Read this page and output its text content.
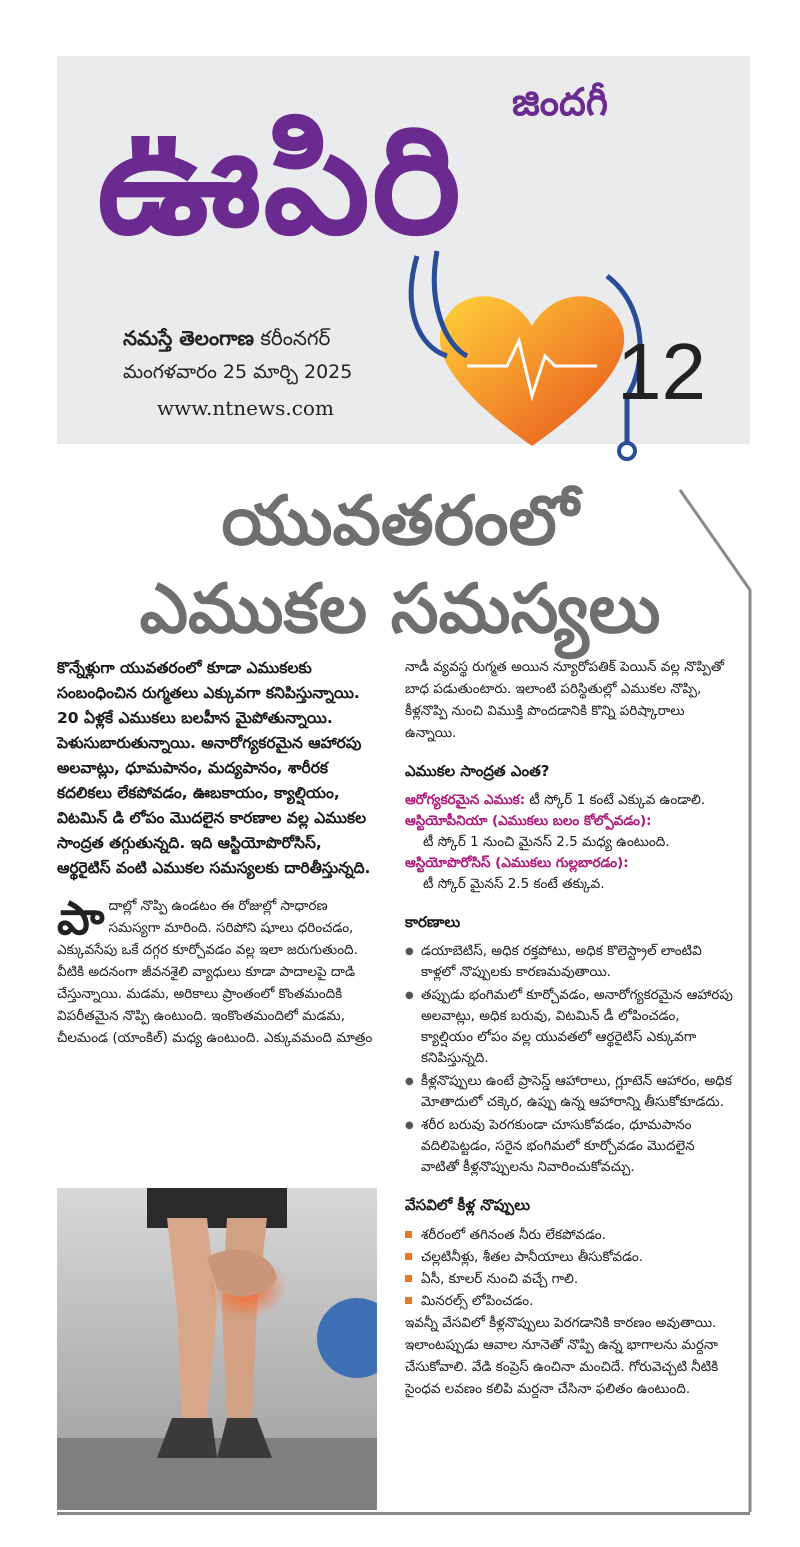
జిందగీ
ఊపిరి
నమస్తే తెలంగాణ కరీంనగర్
మంగళవారం 25 మార్చి 2025
www.ntnews.com	12
యువతరంలో
ఎముకల సమస్యలు

కొన్నేళ్లుగా యువతరంలో కూడా ఎముకలకు సంబంధించిన రుగ్మతలు ఎక్కువగా కనిపిస్తున్నాయి. 20 ఏళ్లకే ఎముకలు బలహీన మైపోతున్నాయి. పెళుసుబారుతున్నాయి. అనారోగ్యకరమైన ఆహారపు అలవాట్లు, ధూమపానం, మద్యపానం, శారీరక కదలికలు లేకపోవడం, ఊబకాయం, క్యాల్షియం, విటమిన్ డి లోపం మొదలైన కారణాల వల్ల ఎముకల సాంద్రత తగ్గుతున్నది. ఇది ఆస్టియోపొరోసిస్, ఆర్థరైటిస్ వంటి ఎముకల సమస్యలకు దారితీస్తున్నది.

పాదాల్లో నొప్పి ఉండటం ఈ రోజుల్లో సాధారణ సమస్యగా మారింది. సరిపోని షూలు ధరించడం, ఎక్కువసేపు ఒకే దగ్గర కూర్చోవడం వల్ల ఇలా జరుగుతుంది. వీటికి అదనంగా జీవనశైలి వ్యాధులు కూడా పాదాలపై దాడి చేస్తున్నాయి. మడమ, అరికాలు ప్రాంతంలో కొంతమందికి విపరీతమైన నొప్పి ఉంటుంది. ఇంకొంతమందిలో మడమ, చీలమండ (యాంకిల్) మధ్య ఉంటుంది. ఎక్కువమంది మాత్రం

నాడీ వ్యవస్థ రుగ్మత అయిన న్యూరోపతిక్ పెయిన్ వల్ల నొప్పితో బాధ పడుతుంటారు. ఇలాంటి పరిస్థితుల్లో ఎముకల నొప్పి, కీళ్లనొప్పి నుంచి విముక్తి పొందడానికి కొన్ని పరిష్కారాలు ఉన్నాయి.

ఎముకల సాంద్రత ఎంత?

ఆరోగ్యకరమైన ఎముక: టీ స్కోర్ 1 కంటే ఎక్కువ ఉండాలి.

ఆస్టియోపీనియా (ఎముకలు బలం కోల్పోవడం):

టీ స్కోర్ 1 నుంచి మైనస్ 2.5 మధ్య ఉంటుంది.

ఆస్టియోపొరోసిస్ (ఎముకలు గుల్లబారడం):

టీ స్కోర్ మైనస్ 2.5 కంటే తక్కువ.

కారణాలు
● డయాబెటిస్, అధిక రక్తపోటు, అధిక కొలెస్ట్రాల్ లాంటివి కాళ్లలో నొప్పులకు కారణమవుతాయి.
● తప్పుడు భంగిమలో కూర్చోవడం, అనారోగ్యకరమైన ఆహారపు అలవాట్లు, అధిక బరువు, విటమిన్ డీ లోపించడం, క్యాల్షియం లోపం వల్ల యువతలో ఆర్థరైటిస్ ఎక్కువగా కనిపిస్తున్నది.
● కీళ్లనొప్పులు ఉంటే ప్రాసెస్డ్ ఆహారాలు, గ్లూటెన్ ఆహారం, అధిక మోతాదులో చక్కెర, ఉప్పు ఉన్న ఆహారాన్ని తీసుకోకూడదు.
● శరీర బరువు పెరగకుండా చూసుకోవడం, ధూమపానం వదిలిపెట్టడం, సరైన భంగిమలో కూర్చోవడం మొదలైన వాటితో కీళ్లనొప్పులను నివారించుకోవచ్చు.
వేసవిలో కీళ్ల నొప్పులు
శరీరంలో తగినంత నీరు లేకపోవడం.
చల్లటినీళ్లు, శీతల పానీయాలు తీసుకోవడం.
ఏసీ, కూలర్ నుంచి వచ్చే గాలి.
మినరల్స్ లోపించడం.

ఇవన్నీ వేసవిలో కీళ్లనొప్పులు పెరగడానికి కారణం అవుతాయి. ఇలాంటప్పుడు ఆవాల నూనెతో నొప్పి ఉన్న భాగాలను మర్దనా చేసుకోవాలి. వేడి కంప్రెస్ ఉంచినా మంచిదే. గోరువెచ్చటి నీటికి సైంధవ లవణం కలిపి మర్దనా చేసినా ఫలితం ఉంటుంది.
